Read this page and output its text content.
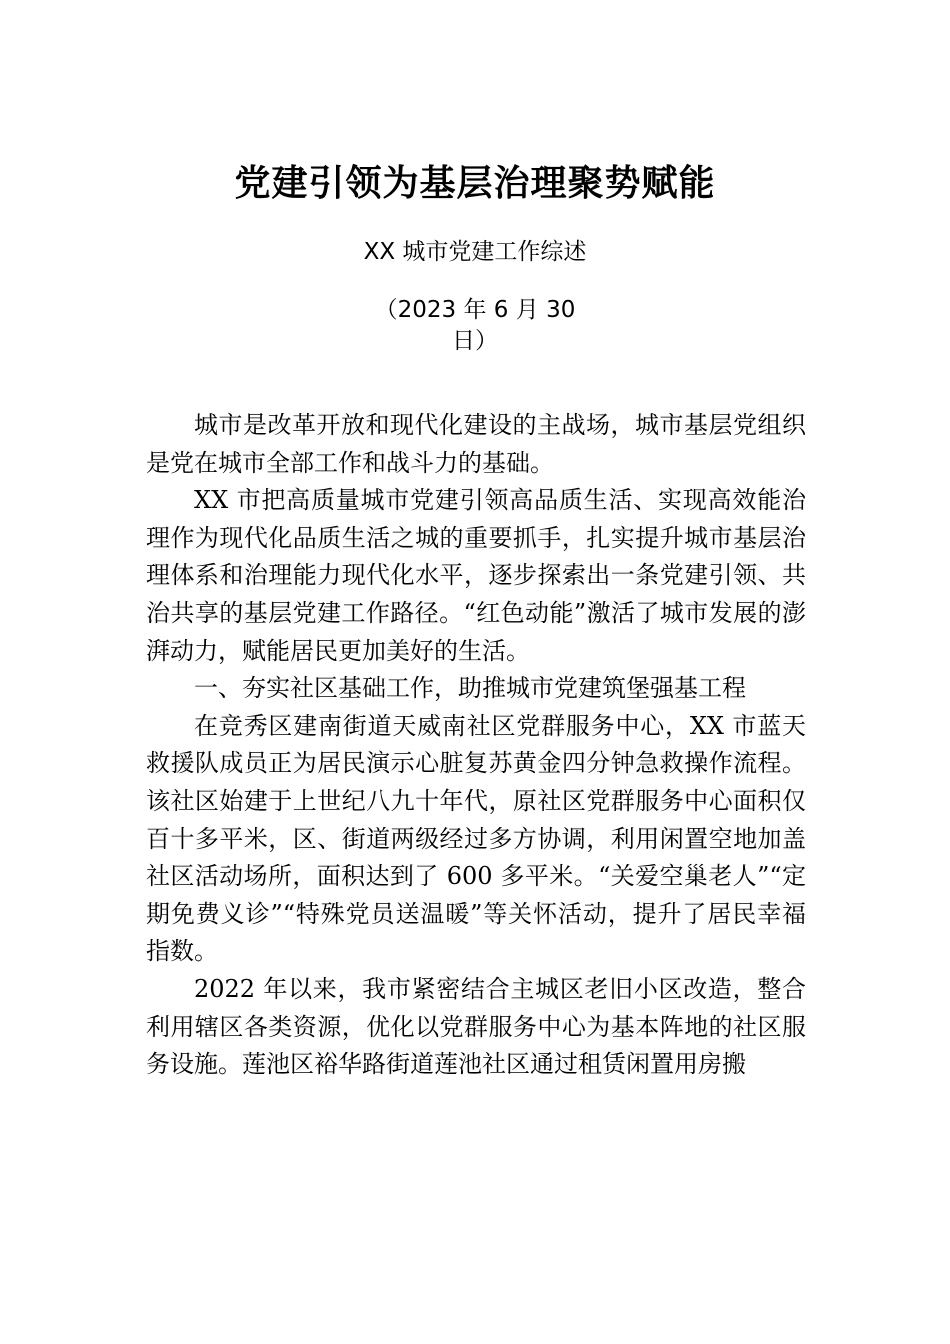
党建引领为基层治理聚势赋能
XX 城市党建工作综述
（2023 年 6 月 30 日）

城市是改革开放和现代化建设的主战场，城市基层党组织是党在城市全部工作和战斗力的基础。

XX 市把高质量城市党建引领高品质生活、实现高效能治理作为现代化品质生活之城的重要抓手，扎实提升城市基层治理体系和治理能力现代化水平，逐步探索出一条党建引领、共治共享的基层党建工作路径。“红色动能”激活了城市发展的澎湃动力，赋能居民更加美好的生活。

一、夯实社区基础工作，助推城市党建筑堡强基工程

在竞秀区建南街道天威南社区党群服务中心，XX 市蓝天救援队成员正为居民演示心脏复苏黄金四分钟急救操作流程。该社区始建于上世纪八九十年代，原社区党群服务中心面积仅百十多平米，区、街道两级经过多方协调，利用闲置空地加盖社区活动场所，面积达到了 600 多平米。“关爱空巢老人”“定期免费义诊”“特殊党员送温暖”等关怀活动，提升了居民幸福指数。

2022 年以来，我市紧密结合主城区老旧小区改造，整合利用辖区各类资源，优化以党群服务中心为基本阵地的社区服务设施。莲池区裕华路街道莲池社区通过租赁闲置用房搬
